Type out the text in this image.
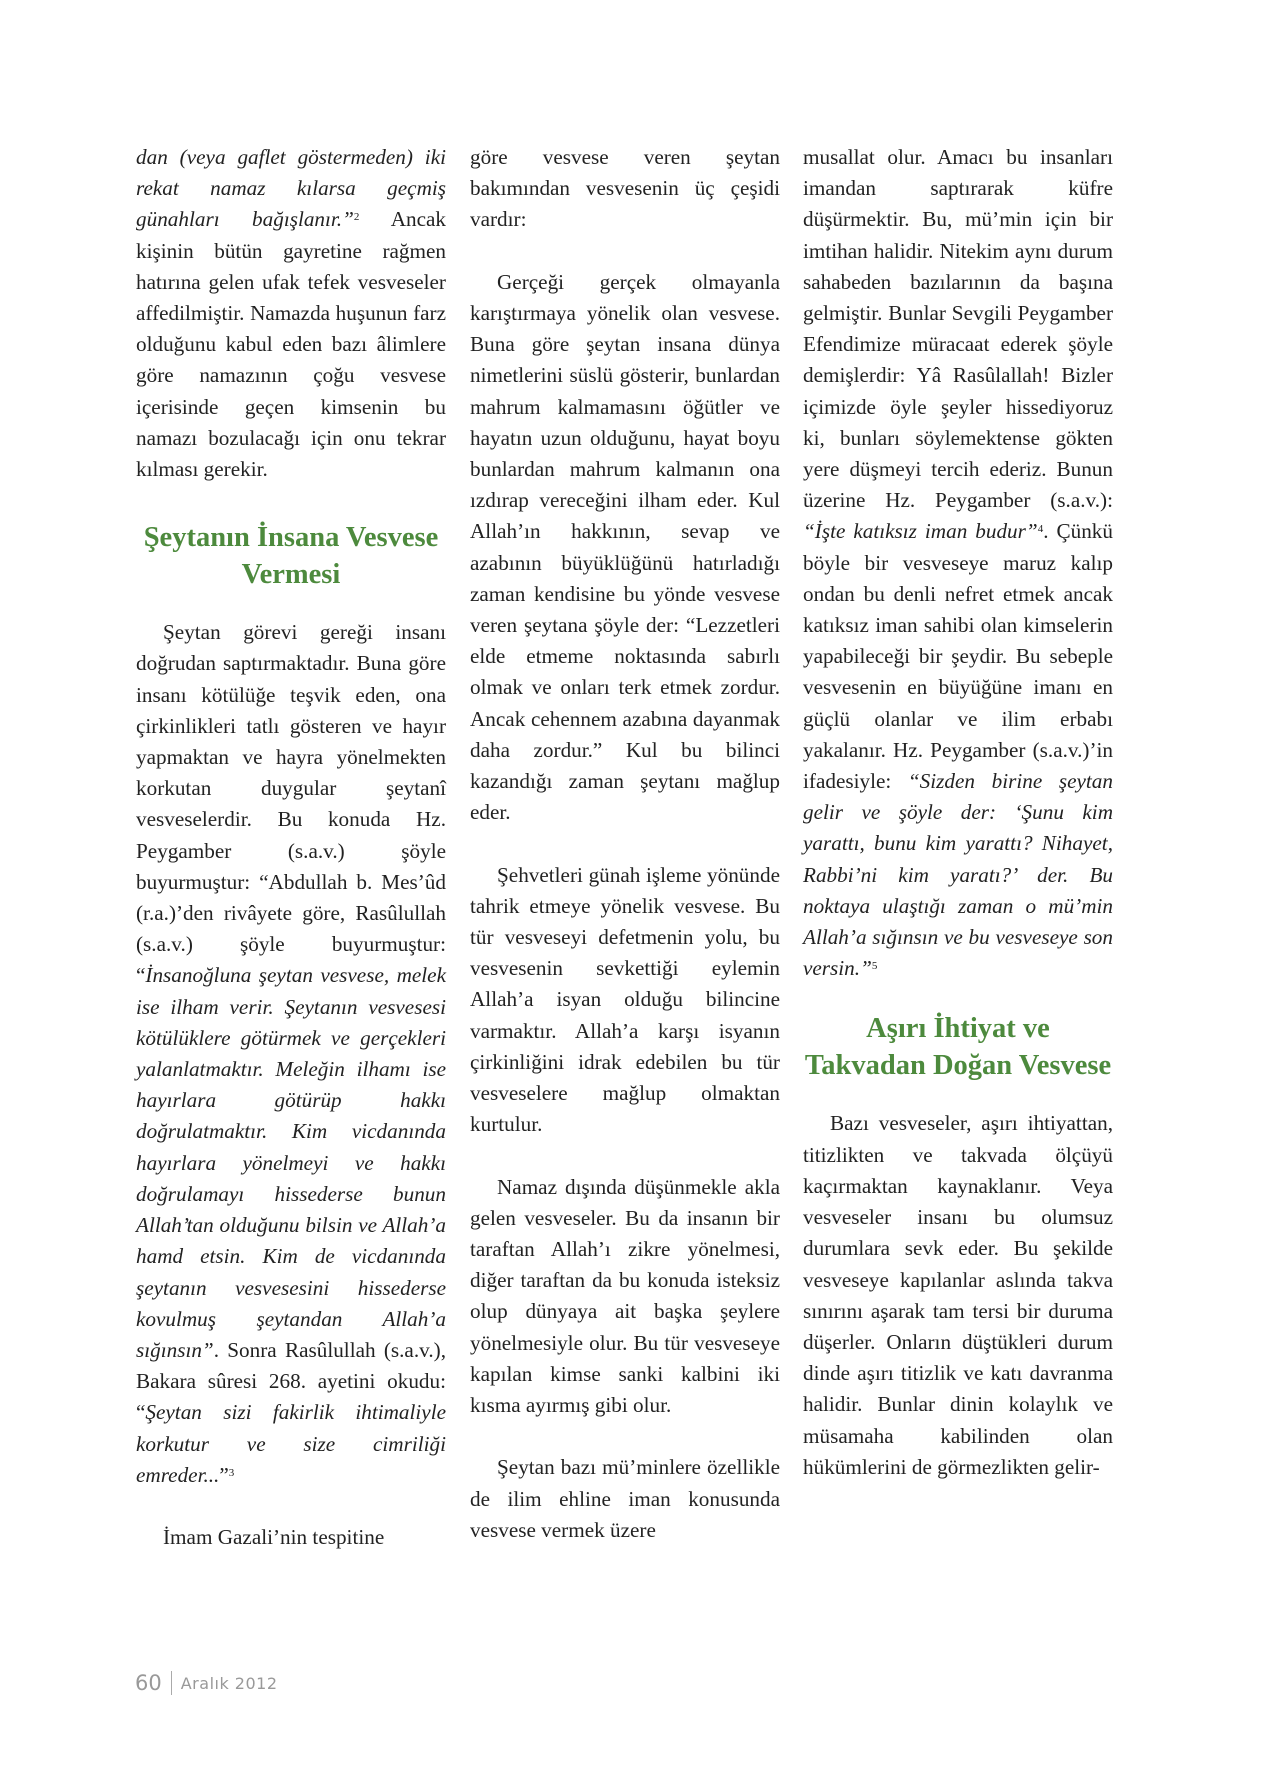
dan (veya gaflet göstermeden) iki rekat namaz kılarsa geçmiş günahları bağışlanır.”$^2$ Ancak kişinin bütün gayretine rağmen hatırına gelen ufak tefek vesveseler affedilmiştir. Namazda huşunun farz olduğunu kabul eden bazı âlimlere göre namazının çoğu vesvese içerisinde geçen kimsenin bu namazı bozulacağı için onu tekrar kılması gerekir.

Şeytanın İnsana Vesvese Vermesi

Şeytan görevi gereği insanı doğrudan saptırmaktadır. Buna göre insanı kötülüğe teşvik eden, ona çirkinlikleri tatlı gösteren ve hayır yapmaktan ve hayra yönelmekten korkutan duygular şeytanî vesveselerdir. Bu konuda Hz. Peygamber (s.a.v.) şöyle buyurmuştur: “Abdullah b. Mes’ûd (r.a.)’den rivâyete göre, Rasûlullah (s.a.v.) şöyle buyurmuştur: “İnsanoğluna şeytan vesvese, melek ise ilham verir. Şeytanın vesvesesi kötülüklere götürmek ve gerçekleri yalanlatmaktır. Meleğin ilhamı ise hayırlara götürüp hakkı doğrulatmaktır. Kim vicdanında hayırlara yönelmeyi ve hakkı doğrulamayı hissederse bunun Allah’tan olduğunu bilsin ve Allah’a hamd etsin. Kim de vicdanında şeytanın vesvesesini hissederse kovulmuş şeytandan Allah’a sığınsın”. Sonra Rasûlullah (s.a.v.), Bakara sûresi 268. ayetini okudu: “Şeytan sizi fakirlik ihtimaliyle korkutur ve size cimriliği emreder...”$^3$

İmam Gazali’nin tespitine

göre vesvese veren şeytan bakımından vesvesenin üç çeşidi vardır:

Gerçeği gerçek olmayanla karıştırmaya yönelik olan vesvese. Buna göre şeytan insana dünya nimetlerini süslü gösterir, bunlardan mahrum kalmamasını öğütler ve hayatın uzun olduğunu, hayat boyu bunlardan mahrum kalmanın ona ızdırap vereceğini ilham eder. Kul Allah’ın hakkının, sevap ve azabının büyüklüğünü hatırladığı zaman kendisine bu yönde vesvese veren şeytana şöyle der: “Lezzetleri elde etmeme noktasında sabırlı olmak ve onları terk etmek zordur. Ancak cehennem azabına dayanmak daha zordur.” Kul bu bilinci kazandığı zaman şeytanı mağlup eder.

Şehvetleri günah işleme yönünde tahrik etmeye yönelik vesvese. Bu tür vesveseyi defetmenin yolu, bu vesvesenin sevkettiği eylemin Allah’a isyan olduğu bilincine varmaktır. Allah’a karşı isyanın çirkinliğini idrak edebilen bu tür vesveselere mağlup olmaktan kurtulur.

Namaz dışında düşünmekle akla gelen vesveseler. Bu da insanın bir taraftan Allah’ı zikre yönelmesi, diğer taraftan da bu konuda isteksiz olup dünyaya ait başka şeylere yönelmesiyle olur. Bu tür vesveseye kapılan kimse sanki kalbini iki kısma ayırmış gibi olur.

Şeytan bazı mü’minlere özellikle de ilim ehline iman konusunda vesvese vermek üzere

musallat olur. Amacı bu insanları imandan saptırarak küfre düşürmektir. Bu, mü’min için bir imtihan halidir. Nitekim aynı durum sahabeden bazılarının da başına gelmiştir. Bunlar Sevgili Peygamber Efendimize müracaat ederek şöyle demişlerdir: Yâ Rasûlallah! Bizler içimizde öyle şeyler hissediyoruz ki, bunları söylemektense gökten yere düşmeyi tercih ederiz. Bunun üzerine Hz. Peygamber (s.a.v.): “İşte katıksız iman budur”$^4$. Çünkü böyle bir vesveseye maruz kalıp ondan bu denli nefret etmek ancak katıksız iman sahibi olan kimselerin yapabileceği bir şeydir. Bu sebeple vesvesenin en büyüğüne imanı en güçlü olanlar ve ilim erbabı yakalanır. Hz. Peygamber (s.a.v.)’in ifadesiyle: “Sizden birine şeytan gelir ve şöyle der: ‘Şunu kim yarattı, bunu kim yarattı? Nihayet, Rabbi’ni kim yaratı?’ der. Bu noktaya ulaştığı zaman o mü’min Allah’a sığınsın ve bu vesveseye son versin.”$^5$

Aşırı İhtiyat ve Takvadan Doğan Vesvese

Bazı vesveseler, aşırı ihtiyattan, titizlikten ve takvada ölçüyü kaçırmaktan kaynaklanır. Veya vesveseler insanı bu olumsuz durumlara sevk eder. Bu şekilde vesveseye kapılanlar aslında takva sınırını aşarak tam tersi bir duruma düşerler. Onların düştükleri durum dinde aşırı titizlik ve katı davranma halidir. Bunlar dinin kolaylık ve müsamaha kabilinden olan hükümlerini de görmezlikten gelir-

60 Aralık 2012
